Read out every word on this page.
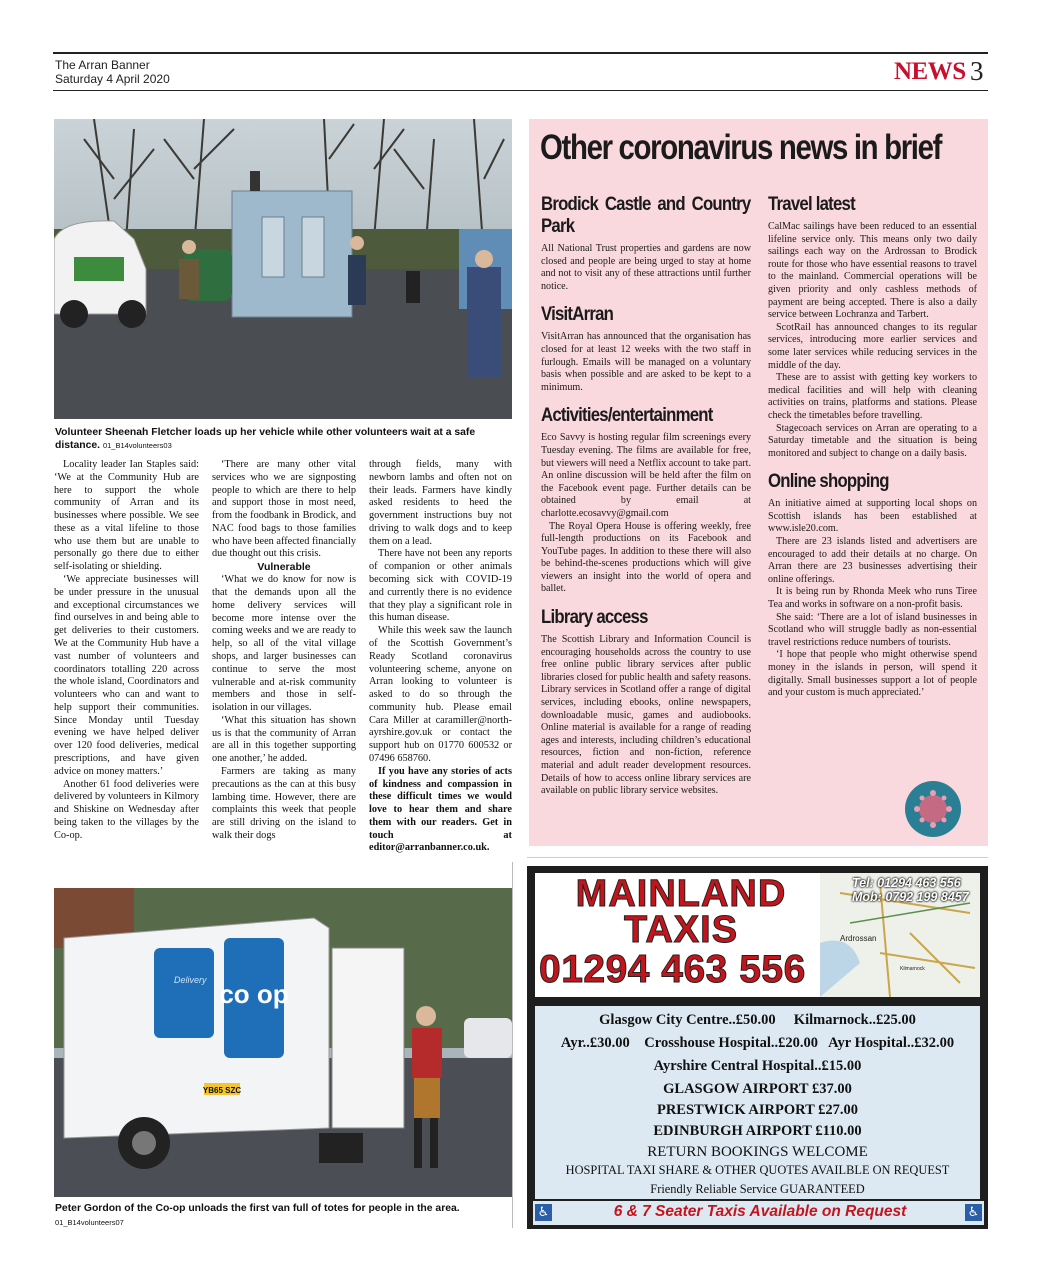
The Arran Banner
Saturday 4 April 2020	NEWS 3
Volunteer Sheenah Fletcher loads up her vehicle while other volunteers wait at a safe distance. 01_B14volunteers03

Locality leader Ian Staples said: ‘We at the Community Hub are here to support the whole community of Arran and its businesses where possible. We see these as a vital lifeline to those who use them but are unable to personally go there due to either self-isolating or shielding.

‘We appreciate businesses will be under pressure in the unusual and exceptional circumstances we find ourselves in and being able to get deliveries to their customers. We at the Community Hub have a vast number of volunteers and coordinators totalling 220 across the whole island, Coordinators and volunteers who can and want to help support their communities. Since Monday until Tuesday evening we have helped deliver over 120 food deliveries, medical prescriptions, and have given advice on money matters.’

Another 61 food deliveries were delivered by volunteers in Kilmory and Shiskine on Wednesday after being taken to the villages by the Co-op.

‘There are many other vital services who we are signposting people to which are there to help and support those in most need, from the foodbank in Brodick, and NAC food bags to those families who have been affected financially due thought out this crisis.

Vulnerable

‘What we do know for now is that the demands upon all the home delivery services will become more intense over the coming weeks and we are ready to help, so all of the vital village shops, and larger businesses can continue to serve the most vulnerable and at-risk community members and those in self-isolation in our villages.

‘What this situation has shown us is that the community of Arran are all in this together supporting one another,’ he added.

Farmers are taking as many precautions as the can at this busy lambing time. However, there are complaints this week that people are still driving on the island to walk their dogs

through fields, many with newborn lambs and often not on their leads. Farmers have kindly asked residents to heed the government instructions buy not driving to walk dogs and to keep them on a lead.

There have not been any reports of companion or other animals becoming sick with COVID-19 and currently there is no evidence that they play a significant role in this human disease.

While this week saw the launch of the Scottish Government’s Ready Scotland coronavirus volunteering scheme, anyone on Arran looking to volunteer is asked to do so through the community hub. Please email Cara Miller at caramiller@north-ayrshire.gov.uk or contact the support hub on 01770 600532 or 07496 658760.

If you have any stories of acts of kindness and compassion in these difficult times we would love to hear them and share them with our readers. Get in touch at editor@arranbanner.co.uk.

YB65 SZC
co op
Delivery
Peter Gordon of the Co-op unloads the first van full of totes for people in the area.
01_B14volunteers07
Other coronavirus news in brief
Brodick Castle and Country Park

All National Trust properties and gardens are now closed and people are being urged to stay at home and not to visit any of these attractions until further notice.

VisitArran

VisitArran has announced that the organisation has closed for at least 12 weeks with the two staff in furlough. Emails will be managed on a voluntary basis when possible and are asked to be kept to a minimum.

Activities/entertainment

Eco Savvy is hosting regular film screenings every Tuesday evening. The films are available for free, but viewers will need a Netflix account to take part. An online discussion will be held after the film on the Facebook event page. Further details can be obtained by email at charlotte.ecosavvy@gmail.com

The Royal Opera House is offering weekly, free full-length productions on its Facebook and YouTube pages. In addition to these there will also be behind-the-scenes productions which will give viewers an insight into the world of opera and ballet.

Library access

The Scottish Library and Information Council is encouraging households across the country to use free online public library services after public libraries closed for public health and safety reasons. Library services in Scotland offer a range of digital services, including ebooks, online newspapers, downloadable music, games and audiobooks. Online material is available for a range of reading ages and interests, including children’s educational resources, fiction and non-fiction, reference material and adult reader development resources. Details of how to access online library services are available on public library service websites.

Travel latest

CalMac sailings have been reduced to an essential lifeline service only. This means only two daily sailings each way on the Ardrossan to Brodick route for those who have essential reasons to travel to the mainland. Commercial operations will be given priority and only cashless methods of payment are being accepted. There is also a daily service between Lochranza and Tarbert.

ScotRail has announced changes to its regular services, introducing more earlier services and some later services while reducing services in the middle of the day.

These are to assist with getting key workers to medical facilities and will help with cleaning activities on trains, platforms and stations. Please check the timetables before travelling.

Stagecoach services on Arran are operating to a Saturday timetable and the situation is being monitored and subject to change on a daily basis.

Online shopping

An initiative aimed at supporting local shops on Scottish islands has been established at www.isle20.com.

There are 23 islands listed and advertisers are encouraged to add their details at no charge. On Arran there are 23 businesses advertising their online offerings.

It is being run by Rhonda Meek who runs Tiree Tea and works in software on a non-profit basis.

She said: ‘There are a lot of island businesses in Scotland who will struggle badly as non-essential travel restrictions reduce numbers of tourists.

‘I hope that people who might otherwise spend money in the islands in person, will spend it digitally. Small businesses support a lot of people and your custom is much appreciated.’

Ardrossan
Kilmarnock
MAINLAND
TAXIS
01294 463 556
Tel: 01294 463 556
Mob: 0792 199 8457
Glasgow City Centre..£50.00     Kilmarnock..£25.00
Ayr..£30.00    Crosshouse Hospital..£20.00   Ayr Hospital..£32.00
Ayrshire Central Hospital..£15.00
GLASGOW AIRPORT £37.00
PRESTWICK AIRPORT £27.00
EDINBURGH AIRPORT £110.00
RETURN BOOKINGS WELCOME
HOSPITAL TAXI SHARE & OTHER QUOTES AVAILBLE ON REQUEST
Friendly Reliable Service GUARANTEED
♿	♿
6 & 7 Seater Taxis Available on Request
